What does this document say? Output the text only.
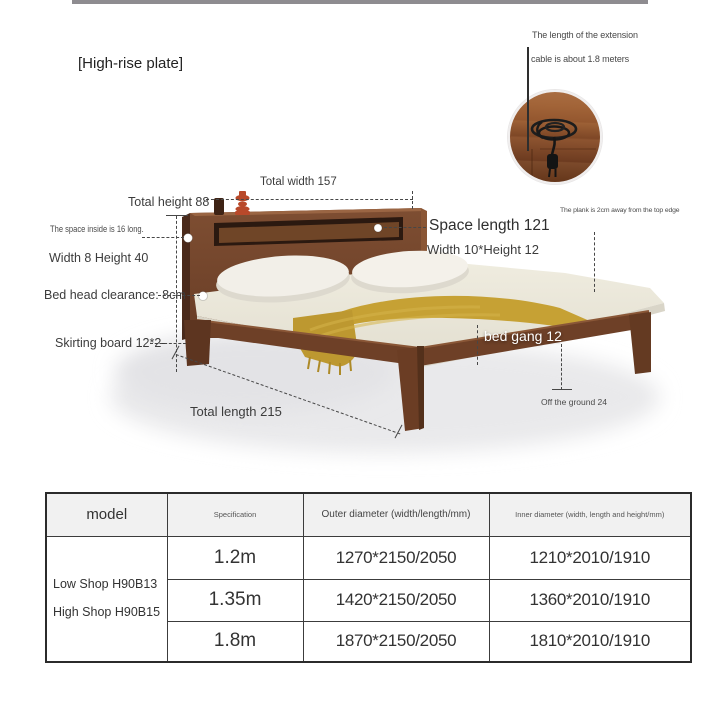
[High-rise plate]
The length of the extension
cable is about 1.8 meters
Total width 157
Total height 88
The space inside is 16 long.
Width 8 Height 40
Bed head clearance: 8cm
Skirting board 12*2-
Total length 215
Space length 121
Width 10*Height 12
The plank is 2cm away from the top edge
bed gang 12
Off the ground 24
model	Specification	Outer diameter (width/length/mm)	Inner diameter (width, length and height/mm)

Low Shop H90B13
High Shop H90B15	1.2m	1270*2150/2050	1210*2010/1910
	1.35m	1420*2150/2050	1360*2010/1910
	1.8m	1870*2150/2050	1810*2010/1910
